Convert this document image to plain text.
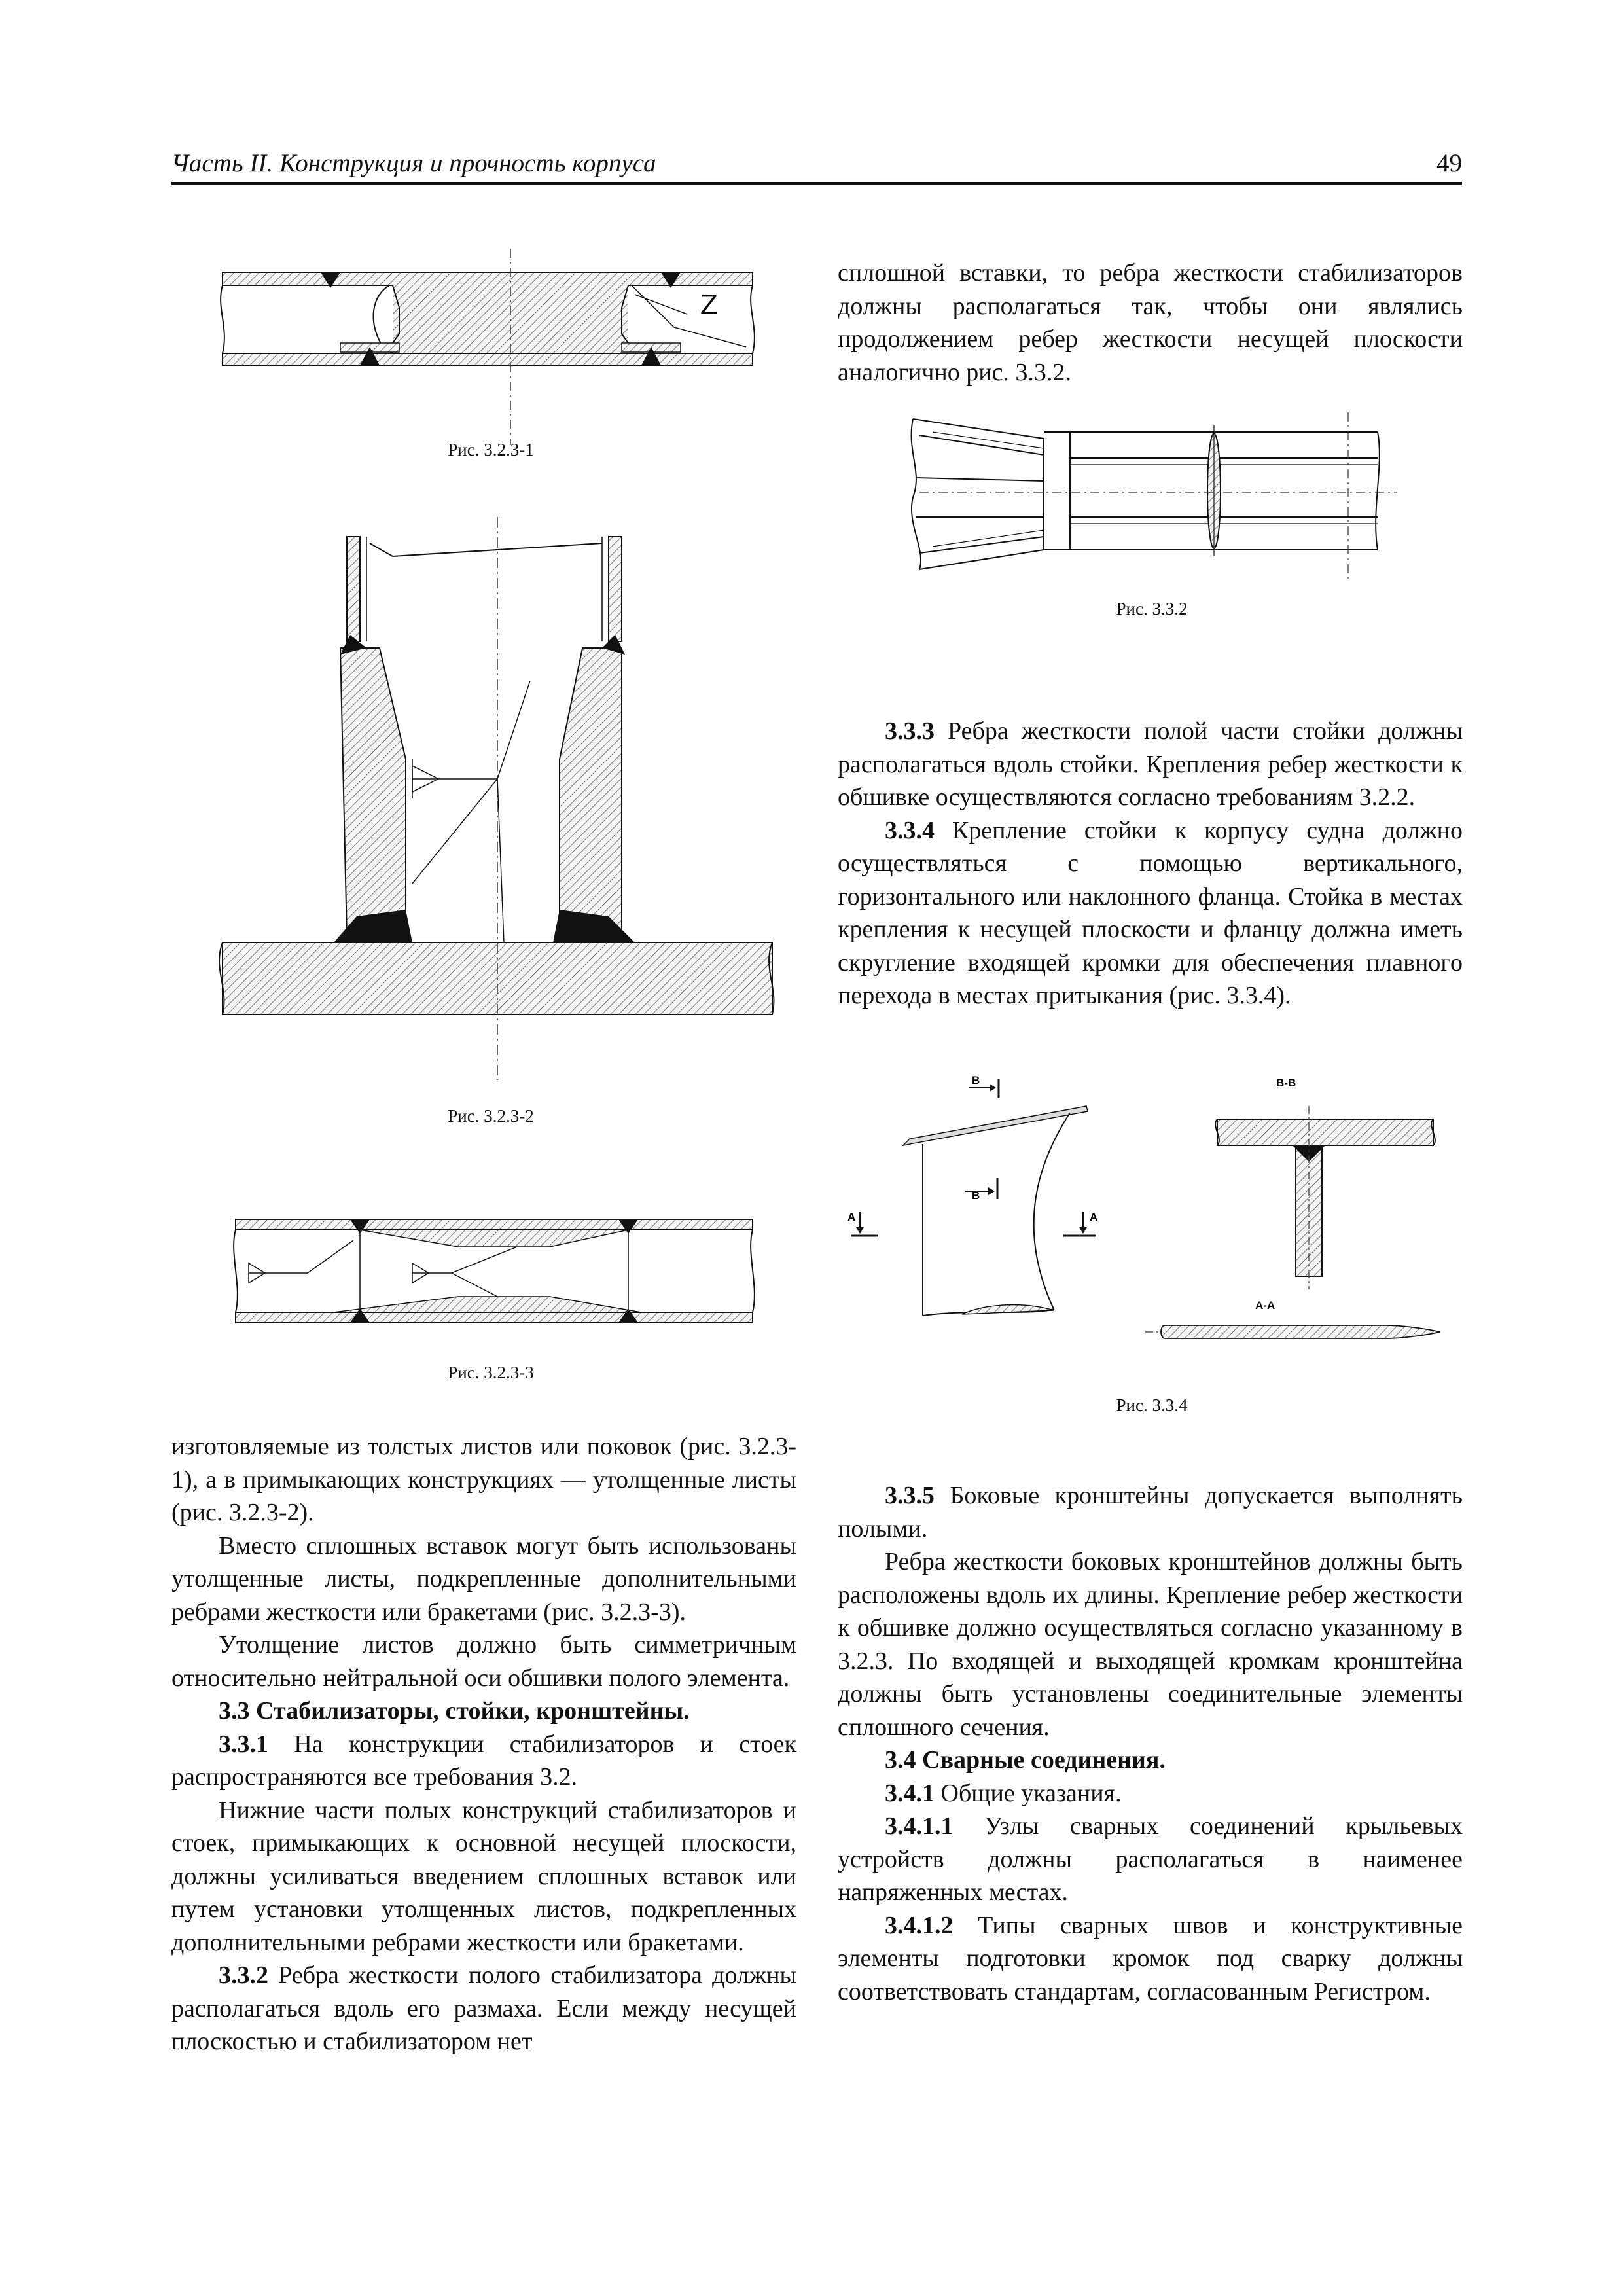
Часть II. Конструкция и прочность корпуса	49
Z
Рис. 3.2.3-1
Рис. 3.2.3-2
Рис. 3.2.3-3

сплошной вставки, то ребра жесткости стабилизаторов должны располагаться так, чтобы они являлись продолжением ребер жесткости несущей плоскости аналогично рис. 3.3.2.

Рис. 3.3.2

3.3.3 Ребра жесткости полой части стойки должны располагаться вдоль стойки. Крепления ребер жесткости к обшивке осуществляются согласно требованиям 3.2.2.

3.3.4 Крепление стойки к корпусу судна должно осуществляться с помощью вертикального, горизонтального или наклонного фланца. Стойка в местах крепления к несущей плоскости и фланцу должна иметь скругление входящей кромки для обеспечения плавного перехода в местах притыкания (рис. 3.3.4).

В
В
А	А
В-В
А-А
Рис. 3.3.4

изготовляемые из толстых листов или поковок (рис. 3.2.3-1), а в примыкающих конструкциях — утолщенные листы (рис. 3.2.3-2).

Вместо сплошных вставок могут быть использованы утолщенные листы, подкрепленные дополнительными ребрами жесткости или бракетами (рис. 3.2.3-3).

Утолщение листов должно быть симметричным относительно нейтральной оси обшивки полого элемента.

3.3 Стабилизаторы, стойки, кронштейны.

3.3.1 На конструкции стабилизаторов и стоек распространяются все требования 3.2.

Нижние части полых конструкций стабилизаторов и стоек, примыкающих к основной несущей плоскости, должны усиливаться введением сплошных вставок или путем установки утолщенных листов, подкрепленных дополнительными ребрами жесткости или бракетами.

3.3.2 Ребра жесткости полого стабилизатора должны располагаться вдоль его размаха. Если между несущей плоскостью и стабилизатором нет

3.3.5 Боковые кронштейны допускается выполнять полыми.

Ребра жесткости боковых кронштейнов должны быть расположены вдоль их длины. Крепление ребер жесткости к обшивке должно осуществляться согласно указанному в 3.2.3. По входящей и выходящей кромкам кронштейна должны быть установлены соединительные элементы сплошного сечения.

3.4 Сварные соединения.

3.4.1 Общие указания.

3.4.1.1 Узлы сварных соединений крыльевых устройств должны располагаться в наименее напряженных местах.

3.4.1.2 Типы сварных швов и конструктивные элементы подготовки кромок под сварку должны соответствовать стандартам, согласованным Регистром.
